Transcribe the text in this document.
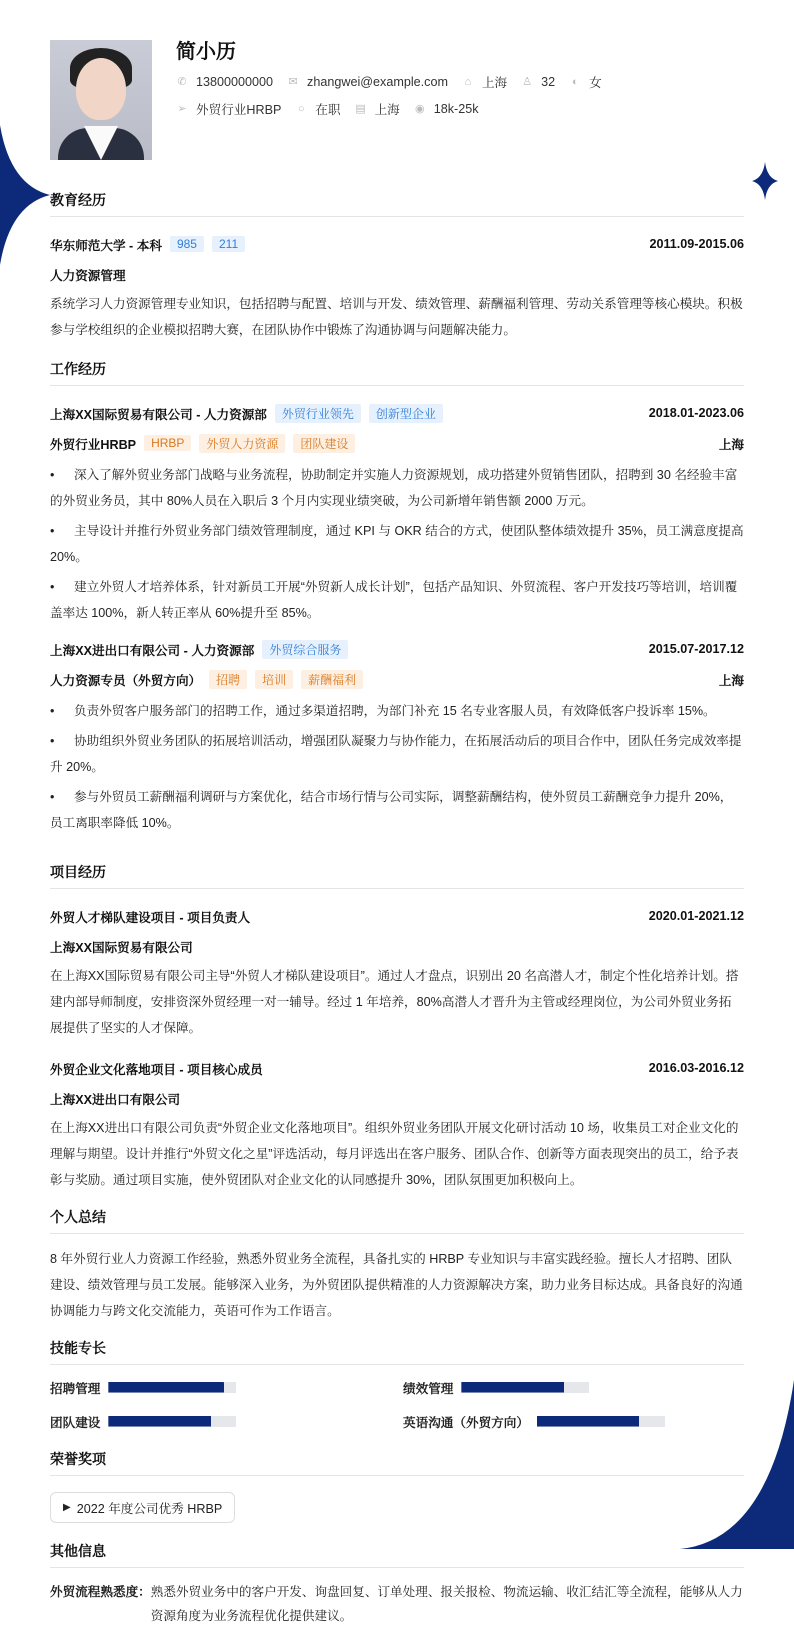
简小历
✆ 13800000000 ✉ zhangwei@example.com ⌂ 上海 ♙ 32 ◐ 女
➢ 外贸行业HRBP ○ 在职 ▤ 上海 ◉ 18k-25k
教育经历
华东师范大学 - 本科	985	211	2011.09-2015.06
人力资源管理

系统学习人力资源管理专业知识，包括招聘与配置、培训与开发、绩效管理、薪酬福利管理、劳动关系管理等核心模块。积极参与学校组织的企业模拟招聘大赛，在团队协作中锻炼了沟通协调与问题解决能力。

工作经历
上海XX国际贸易有限公司 - 人力资源部	外贸行业领先	创新型企业	2018.01-2023.06
外贸行业HRBP	HRBP	外贸人力资源	团队建设	上海
• 深入了解外贸业务部门战略与业务流程，协助制定并实施人力资源规划，成功搭建外贸销售团队，招聘到 30 名经验丰富的外贸业务员，其中 80%人员在入职后 3 个月内实现业绩突破，为公司新增年销售额 2000 万元。
• 主导设计并推行外贸业务部门绩效管理制度，通过 KPI 与 OKR 结合的方式，使团队整体绩效提升 35%，员工满意度提高 20%。
• 建立外贸人才培养体系，针对新员工开展“外贸新人成长计划”，包括产品知识、外贸流程、客户开发技巧等培训，培训覆盖率达 100%，新人转正率从 60%提升至 85%。
上海XX进出口有限公司 - 人力资源部	外贸综合服务	2015.07-2017.12
人力资源专员（外贸方向）	招聘	培训	薪酬福利	上海
• 负责外贸客户服务部门的招聘工作，通过多渠道招聘，为部门补充 15 名专业客服人员，有效降低客户投诉率 15%。
• 协助组织外贸业务团队的拓展培训活动，增强团队凝聚力与协作能力，在拓展活动后的项目合作中，团队任务完成效率提升 20%。
• 参与外贸员工薪酬福利调研与方案优化，结合市场行情与公司实际，调整薪酬结构，使外贸员工薪酬竞争力提升 20%，员工离职率降低 10%。
项目经历
外贸人才梯队建设项目 - 项目负责人	2020.01-2021.12
上海XX国际贸易有限公司

在上海XX国际贸易有限公司主导“外贸人才梯队建设项目”。通过人才盘点，识别出 20 名高潜人才，制定个性化培养计划。搭建内部导师制度，安排资深外贸经理一对一辅导。经过 1 年培养，80%高潜人才晋升为主管或经理岗位，为公司外贸业务拓展提供了坚实的人才保障。

外贸企业文化落地项目 - 项目核心成员	2016.03-2016.12
上海XX进出口有限公司

在上海XX进出口有限公司负责“外贸企业文化落地项目”。组织外贸业务团队开展文化研讨活动 10 场，收集员工对企业文化的理解与期望。设计并推行“外贸文化之星”评选活动，每月评选出在客户服务、团队合作、创新等方面表现突出的员工，给予表彰与奖励。通过项目实施，使外贸团队对企业文化的认同感提升 30%，团队氛围更加积极向上。

个人总结

8 年外贸行业人力资源工作经验，熟悉外贸业务全流程，具备扎实的 HRBP 专业知识与丰富实践经验。擅长人才招聘、团队建设、绩效管理与员工发展。能够深入业务，为外贸团队提供精准的人力资源解决方案，助力业务目标达成。具备良好的沟通协调能力与跨文化交流能力，英语可作为工作语言。

技能专长
招聘管理	绩效管理
团队建设	英语沟通（外贸方向）
荣誉奖项
▶ 2022 年度公司优秀 HRBP
其他信息
外贸流程熟悉度： 熟悉外贸业务中的客户开发、询盘回复、订单处理、报关报检、物流运输、收汇结汇等全流程，能够从人力资源角度为业务流程优化提供建议。
